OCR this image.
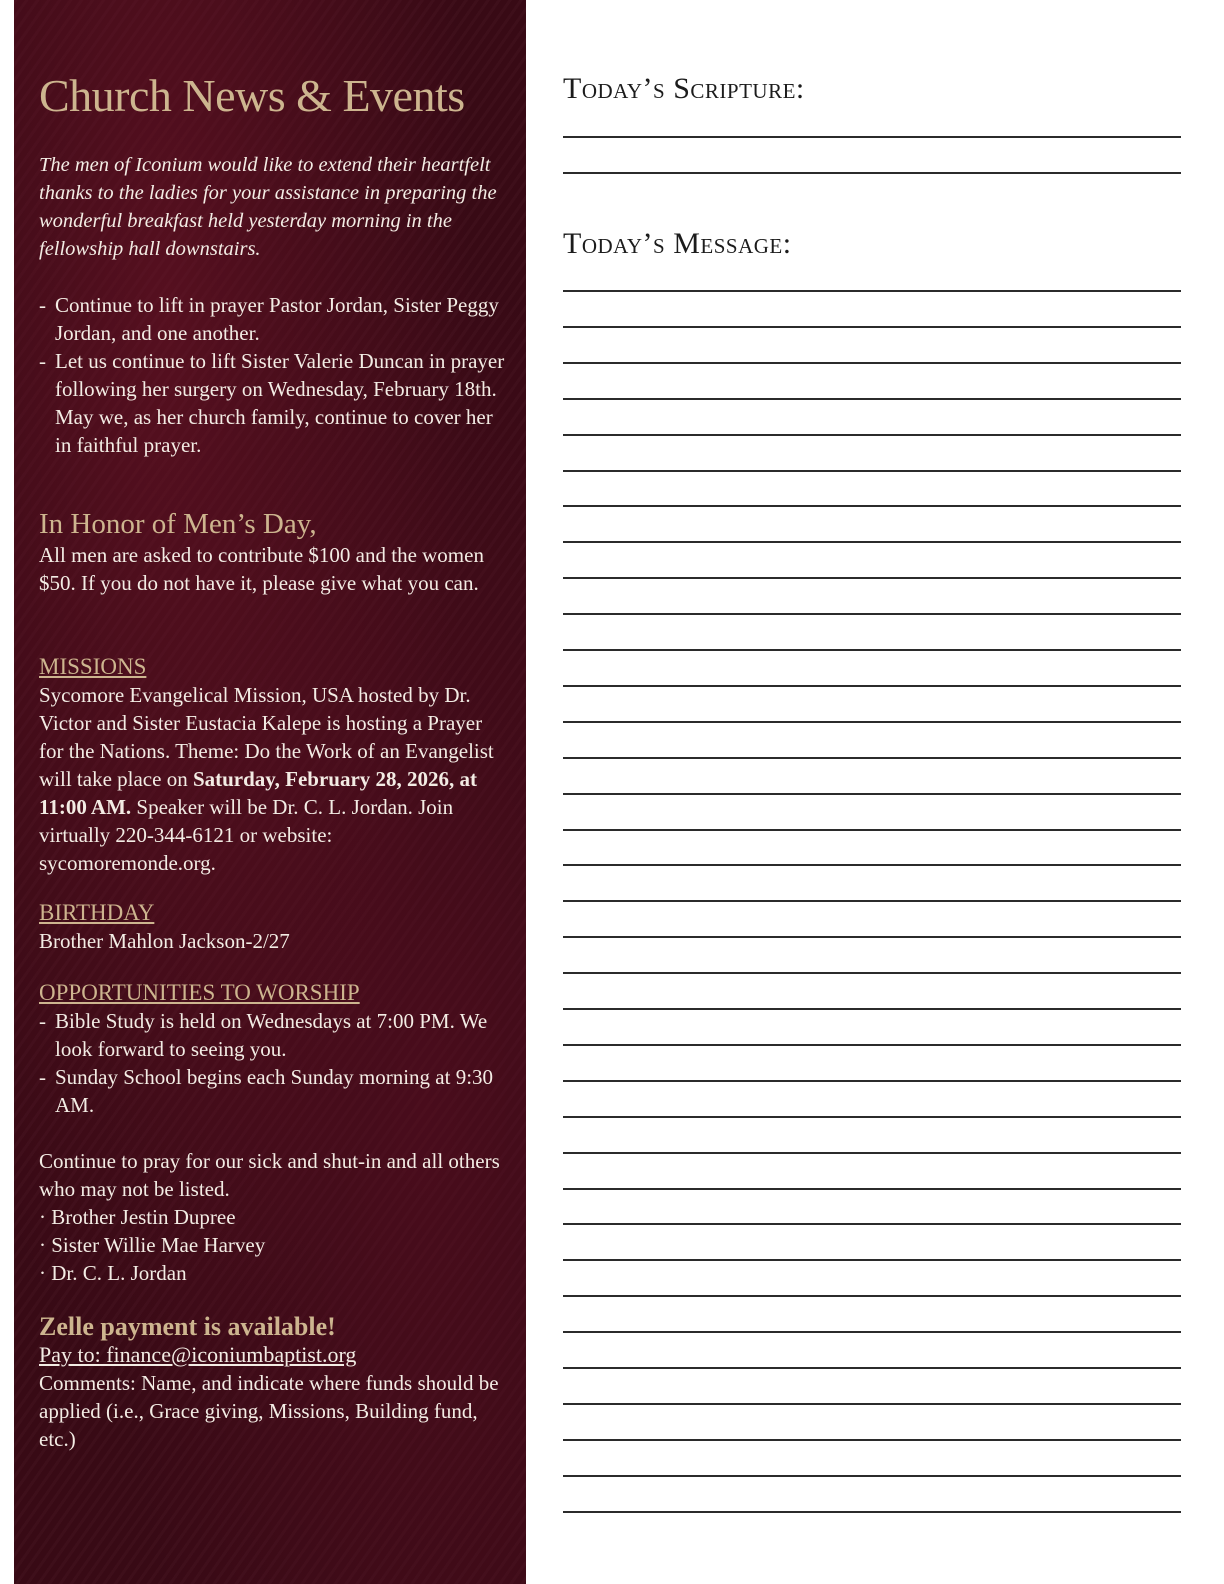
Church News & Events

The men of Iconium would like to extend their heartfelt thanks to the ladies for your assistance in preparing the wonderful breakfast held yesterday morning in the fellowship hall downstairs.

- Continue to lift in prayer Pastor Jordan, Sister Peggy Jordan, and one another.
- Let us continue to lift Sister Valerie Duncan in prayer following her surgery on Wednesday, February 18th. May we, as her church family, continue to cover her in faithful prayer.
In Honor of Men’s Day,
All men are asked to contribute $100 and the women $50. If you do not have it, please give what you can.
MISSIONS
Sycomore Evangelical Mission, USA hosted by Dr. Victor and Sister Eustacia Kalepe is hosting a Prayer for the Nations. Theme: Do the Work of an Evangelist will take place on Saturday, February 28, 2026, at 11:00 AM. Speaker will be Dr. C. L. Jordan. Join virtually 220-344-6121 or website: sycomoremonde.org.
BIRTHDAY
Brother Mahlon Jackson-2/27
OPPORTUNITIES TO WORSHIP
- Bible Study is held on Wednesdays at 7:00 PM. We look forward to seeing you.
- Sunday School begins each Sunday morning at 9:30 AM.
Continue to pray for our sick and shut-in and all others who may not be listed.
· Brother Jestin Dupree
· Sister Willie Mae Harvey
· Dr. C. L. Jordan
Zelle payment is available!
Pay to: finance@iconiumbaptist.org
Comments: Name, and indicate where funds should be applied (i.e., Grace giving, Missions, Building fund, etc.)
Today’s Scripture:
Today’s Message:
